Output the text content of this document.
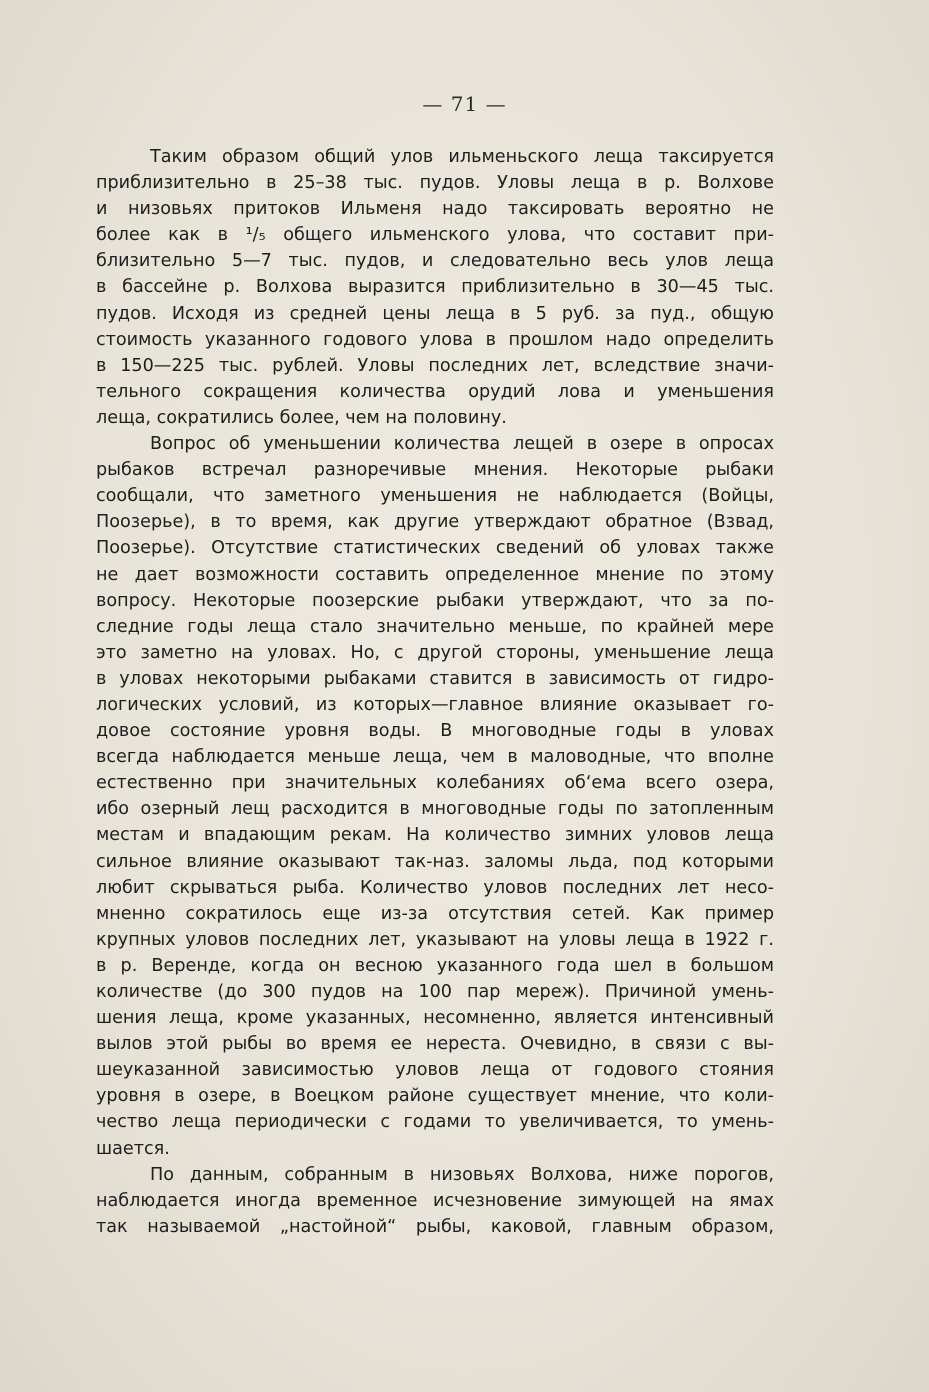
— 71 —
Таким образом общий улов ильменьского леща таксируется
приблизительно в 25–38 тыс. пудов. Уловы леща в р. Волхове
и низовьях притоков Ильменя надо таксировать вероятно не
более как в ¹/₅ общего ильменского улова, что составит при-
близительно 5—7 тыс. пудов, и следовательно весь улов леща
в бассейне р. Волхова выразится приблизительно в 30—45 тыс.
пудов. Исходя из средней цены леща в 5 руб. за пуд., общую
стоимость указанного годового улова в прошлом надо определить
в 150—225 тыс. рублей. Уловы последних лет, вследствие значи-
тельного сокращения количества орудий лова и уменьшения
леща, сократились более, чем на половину.
Вопрос об уменьшении количества лещей в озере в опросах
рыбаков встречал разноречивые мнения. Некоторые рыбаки
сообщали, что заметного уменьшения не наблюдается (Войцы,
Поозерье), в то время, как другие утверждают обратное (Взвад,
Поозерье). Отсутствие статистических сведений об уловах также
не дает возможности составить определенное мнение по этому
вопросу. Некоторые поозерские рыбаки утверждают, что за по-
следние годы леща стало значительно меньше, по крайней мере
это заметно на уловах. Но, с другой стороны, уменьшение леща
в уловах некоторыми рыбаками ставится в зависимость от гидро-
логических условий, из которых—главное влияние оказывает го-
довое состояние уровня воды. В многоводные годы в уловах
всегда наблюдается меньше леща, чем в маловодные, что вполне
естественно при значительных колебаниях об‘ема всего озера,
ибо озерный лещ расходится в многоводные годы по затопленным
местам и впадающим рекам. На количество зимних уловов леща
сильное влияние оказывают так-наз. заломы льда, под которыми
любит скрываться рыба. Количество уловов последних лет несо-
мненно сократилось еще из-за отсутствия сетей. Как пример
крупных уловов последних лет, указывают на уловы леща в 1922 г.
в р. Веренде, когда он весною указанного года шел в большом
количестве (до 300 пудов на 100 пар мереж). Причиной умень-
шения леща, кроме указанных, несомненно, является интенсивный
вылов этой рыбы во время ее нереста. Очевидно, в связи с вы-
шеуказанной зависимостью уловов леща от годового стояния
уровня в озере, в Воецком районе существует мнение, что коли-
чество леща периодически с годами то увеличивается, то умень-
шается.
По данным, собранным в низовьях Волхова, ниже порогов,
наблюдается иногда временное исчезновение зимующей на ямах
так называемой „настойной“ рыбы, каковой, главным образом,
